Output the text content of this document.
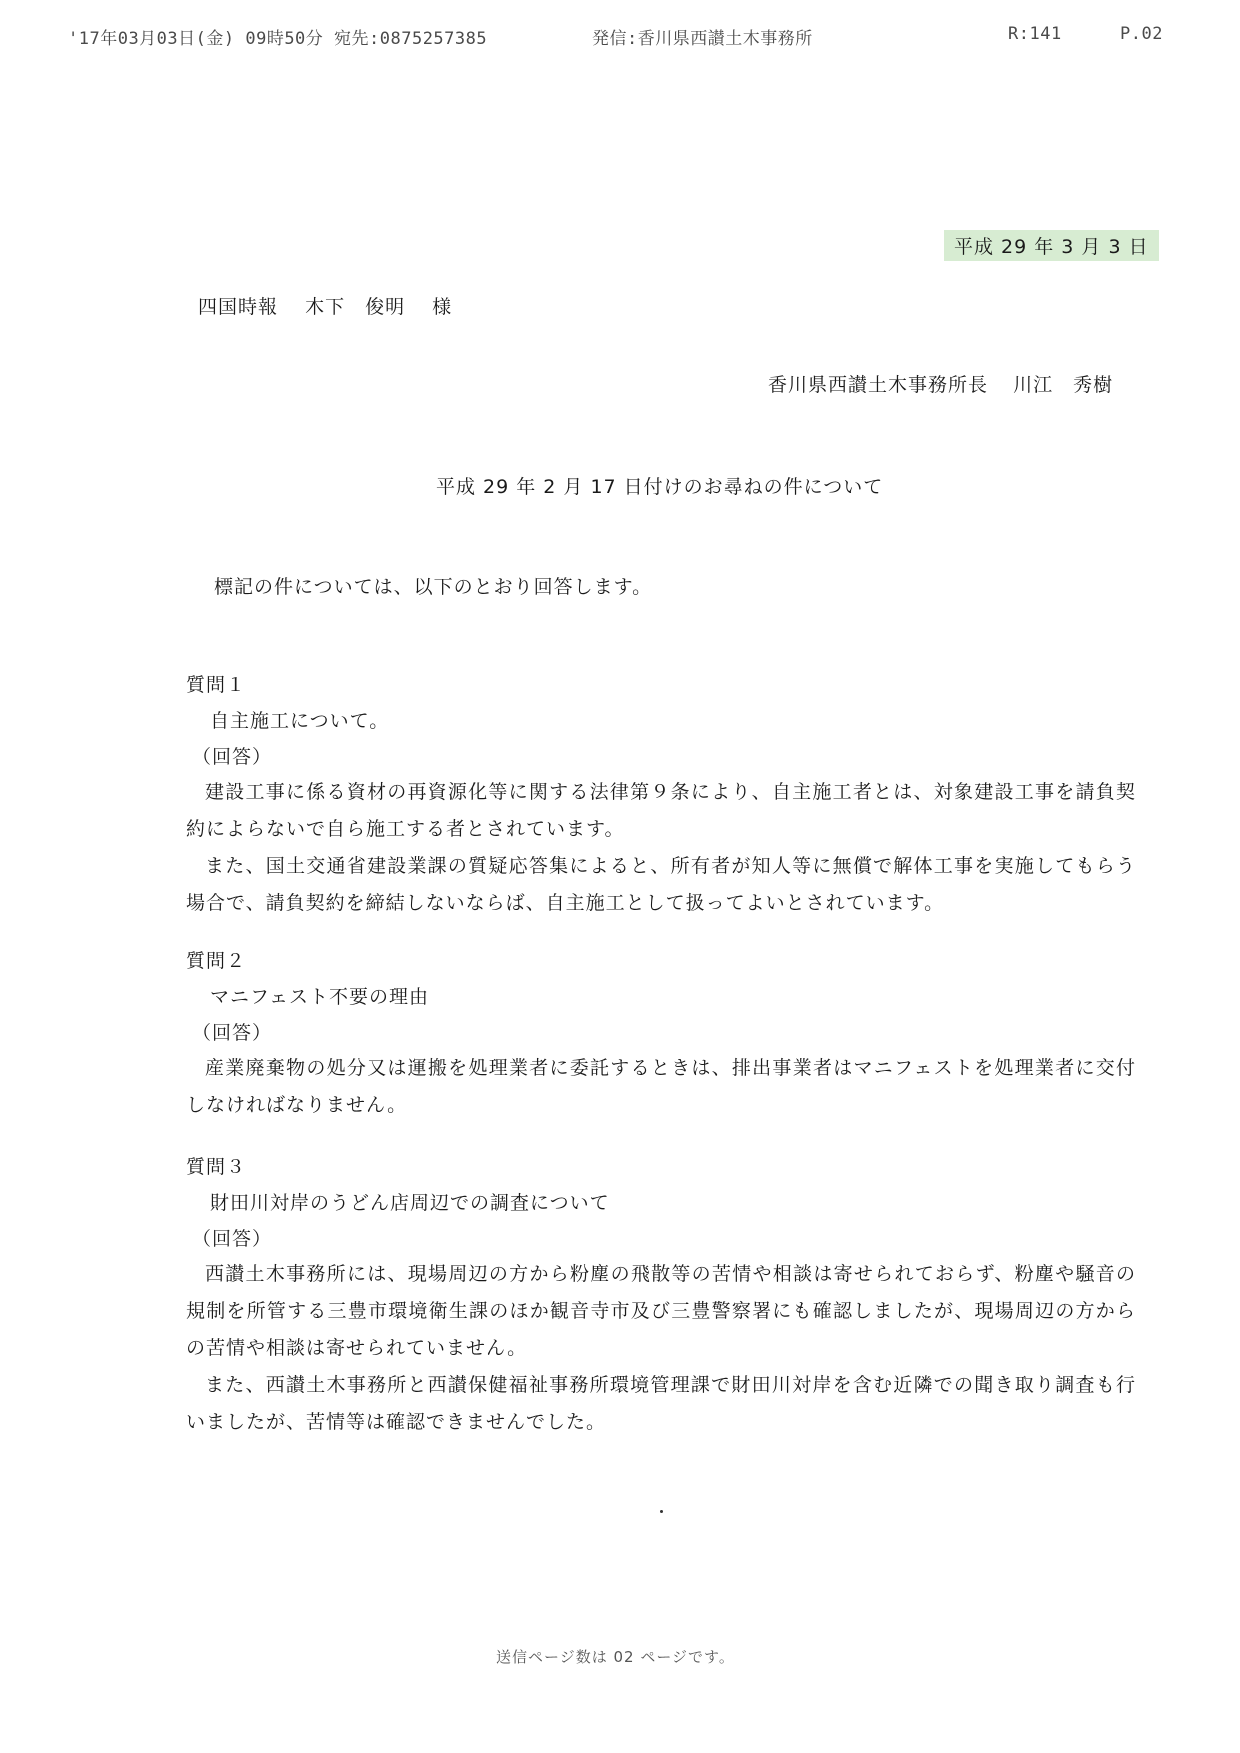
'17年03月03日(金) 09時50分 宛先:0875257385	発信:香川県西讃土木事務所	R:141	P.02
平成 29 年 3 月 3 日
四国時報 木下　俊明 様
香川県西讃土木事務所長 川江　秀樹
平成 29 年 2 月 17 日付けのお尋ねの件について
標記の件については、以下のとおり回答します。
質問１
自主施工について。
（回答）

建設工事に係る資材の再資源化等に関する法律第９条により、自主施工者とは、対象建設工事を請負契約によらないで自ら施工する者とされています。

また、国土交通省建設業課の質疑応答集によると、所有者が知人等に無償で解体工事を実施してもらう場合で、請負契約を締結しないならば、自主施工として扱ってよいとされています。

質問２
マニフェスト不要の理由
（回答）

産業廃棄物の処分又は運搬を処理業者に委託するときは、排出事業者はマニフェストを処理業者に交付しなければなりません。

質問３
財田川対岸のうどん店周辺での調査について
（回答）

西讃土木事務所には、現場周辺の方から粉塵の飛散等の苦情や相談は寄せられておらず、粉塵や騒音の規制を所管する三豊市環境衛生課のほか観音寺市及び三豊警察署にも確認しましたが、現場周辺の方からの苦情や相談は寄せられていません。

また、西讃土木事務所と西讃保健福祉事務所環境管理課で財田川対岸を含む近隣での聞き取り調査も行いましたが、苦情等は確認できませんでした。

送信ページ数は 02 ページです。
